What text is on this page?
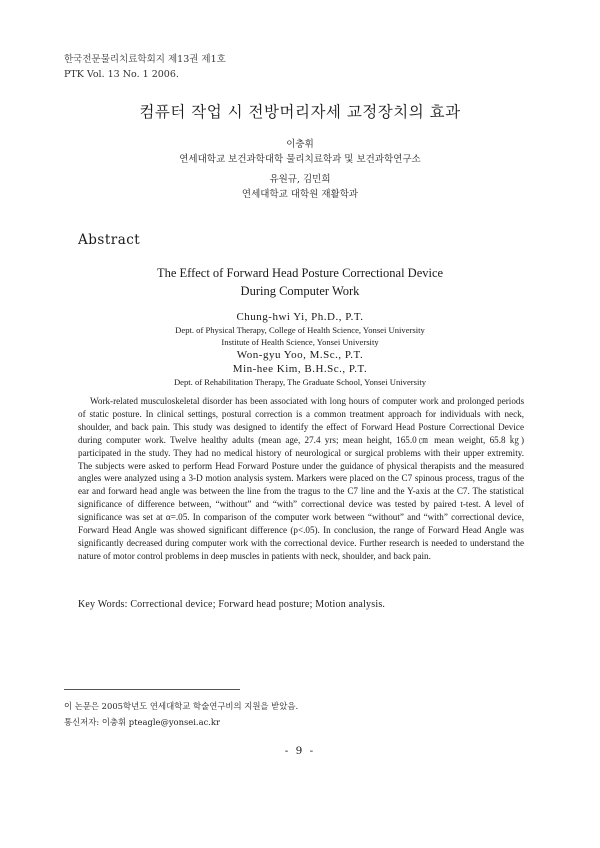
한국전문물리치료학회지 제13권 제1호
PTK Vol. 13 No. 1 2006.
컴퓨터 작업 시 전방머리자세 교정장치의 효과
이충휘
연세대학교 보건과학대학 물리치료학과 및 보건과학연구소
유원규, 김민희
연세대학교 대학원 재활학과
Abstract
The Effect of Forward Head Posture Correctional Device
During Computer Work
Chung-hwi Yi, Ph.D., P.T.
Dept. of Physical Therapy, College of Health Science, Yonsei University
Institute of Health Science, Yonsei University
Won-gyu Yoo, M.Sc., P.T.
Min-hee Kim, B.H.Sc., P.T.
Dept. of Rehabilitation Therapy, The Graduate School, Yonsei University
Work-related musculoskeletal disorder has been associated with long hours of computer work and prolonged periods of static posture. In clinical settings, postural correction is a common treatment approach for individuals with neck, shoulder, and back pain. This study was designed to identify the effect of Forward Head Posture Correctional Device during computer work. Twelve healthy adults (mean age, 27.4 yrs; mean height, 165.0㎝ mean weight, 65.8 ㎏) participated in the study. They had no medical history of neurological or surgical problems with their upper extremity. The subjects were asked to perform Head Forward Posture under the guidance of physical therapists and the measured angles were analyzed using a 3-D motion analysis system. Markers were placed on the C7 spinous process, tragus of the ear and forward head angle was between the line from the tragus to the C7 line and the Y-axis at the C7. The statistical significance of difference between, “without” and “with” correctional device was tested by paired t-test. A level of significance was set at α=.05. In comparison of the computer work between “without” and “with” correctional device, Forward Head Angle was showed significant difference (p<.05). In conclusion, the range of Forward Head Angle was significantly decreased during computer work with the correctional device. Further research is needed to understand the nature of motor control problems in deep muscles in patients with neck, shoulder, and back pain.
Key Words: Correctional device; Forward head posture; Motion analysis.
이 논문은 2005학년도 연세대학교 학술연구비의 지원을 받았음.
통신저자: 이충휘 pteagle@yonsei.ac.kr
- 9 -
